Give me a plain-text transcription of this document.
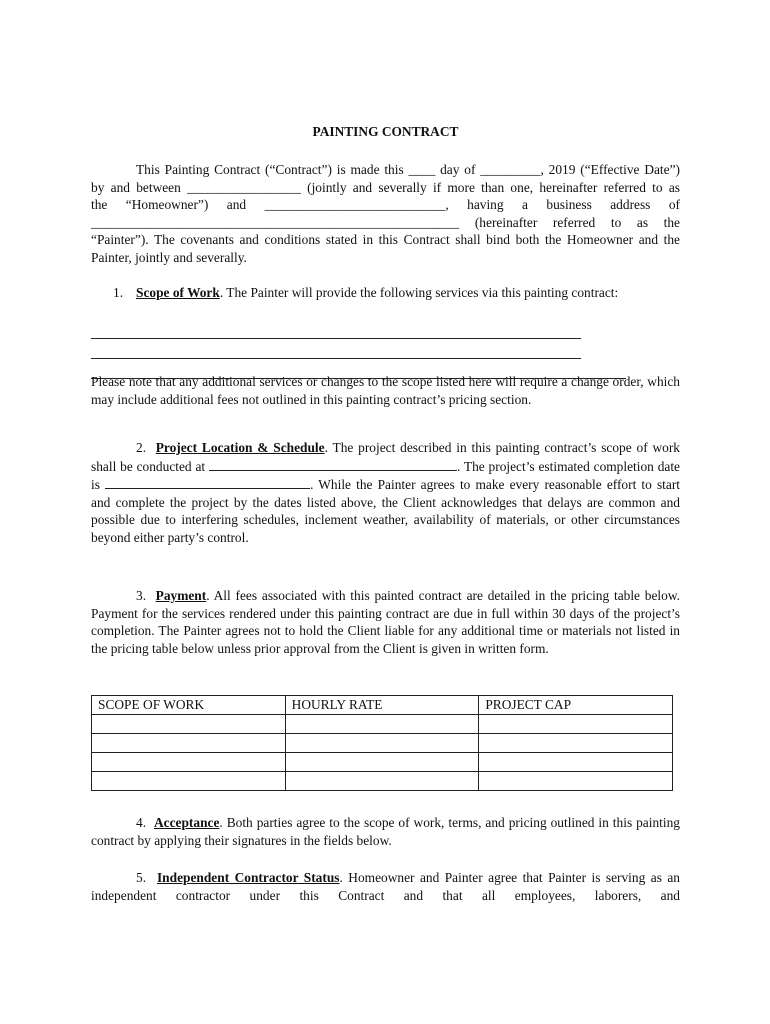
PAINTING CONTRACT
This Painting Contract (“Contract”) is made this ____ day of _________, 2019 (“Effective Date”)
by and between _________________ (jointly and severally if more than one, hereinafter referred to as
the “Homeowner”) and ___________________________, having a business address of
_______________________________________________________ (hereinafter referred to as the
“Painter”). The covenants and conditions stated in this Contract shall bind both the Homeowner and the
Painter, jointly and severally.
1. Scope of Work. The Painter will provide the following services via this painting contract:

Please note that any additional services or changes to the scope listed here will require a change order, which may include additional fees not outlined in this painting contract’s pricing section.

2. Project Location & Schedule. The project described in this painting contract’s scope of work shall be conducted at	. The project’s estimated completion date is	. While the Painter agrees to make every reasonable effort to start and complete the project by the dates listed above, the Client acknowledges that delays are common and possible due to interfering schedules, inclement weather, availability of materials, or other circumstances beyond either party’s control.

3. Payment. All fees associated with this painted contract are detailed in the pricing table below. Payment for the services rendered under this painting contract are due in full within 30 days of the project’s completion. The Painter agrees not to hold the Client liable for any additional time or materials not listed in the pricing table below unless prior approval from the Client is given in written form.

SCOPE OF WORK	HOURLY RATE	PROJECT CAP

4. Acceptance. Both parties agree to the scope of work, terms, and pricing outlined in this painting contract by applying their signatures in the fields below.

5. Independent Contractor Status. Homeowner and Painter agree that Painter is serving as an independent contractor under this Contract and that all employees, laborers, and
